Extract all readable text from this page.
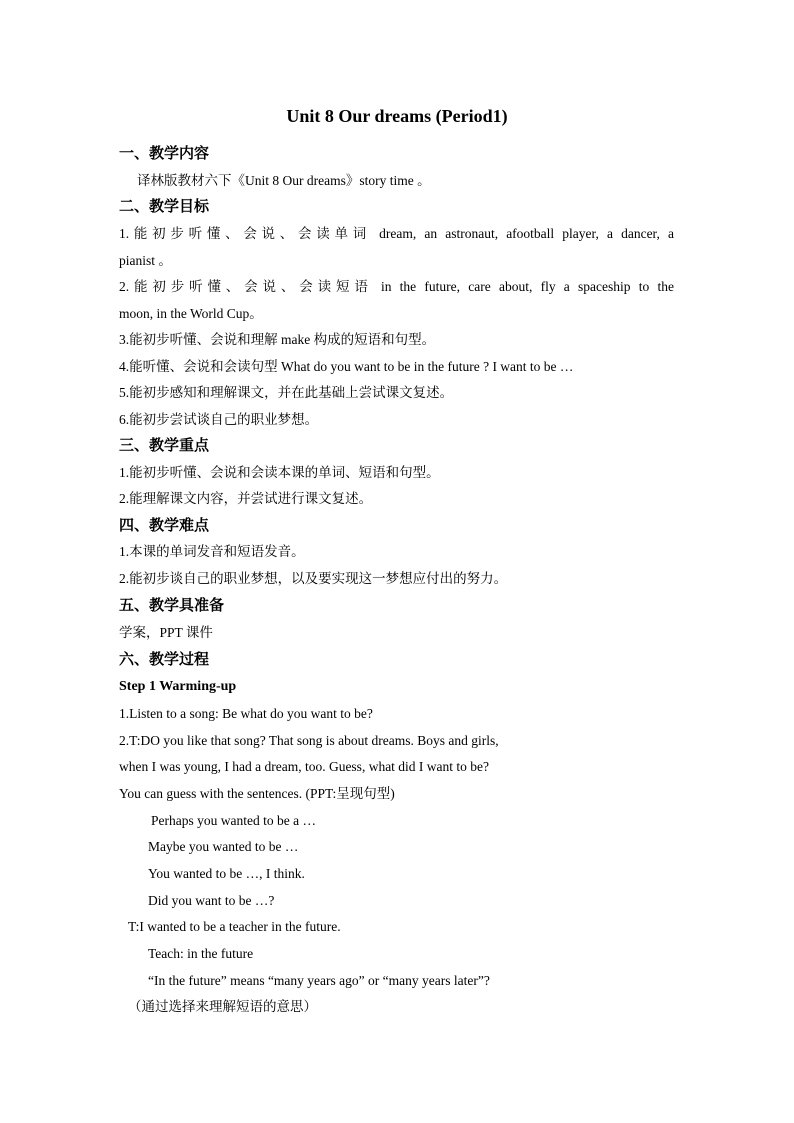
Unit 8 Our dreams (Period1)
一、教学内容
译林版教材六下《Unit 8 Our dreams》story time 。
二、教学目标
1.能初步听懂、会说、会读单词 dream, an astronaut, afootball player, a dancer, a
pianist 。
2.能初步听懂、会说、会读短语 in the future, care about, fly a spaceship to the
moon, in the World Cup。
3.能初步听懂、会说和理解 make 构成的短语和句型。
4.能听懂、会说和会读句型 What do you want to be in the future ? I want to be …
5.能初步感知和理解课文，并在此基础上尝试课文复述。
6.能初步尝试谈自己的职业梦想。
三、教学重点
1.能初步听懂、会说和会读本课的单词、短语和句型。
2.能理解课文内容，并尝试进行课文复述。
四、教学难点
1.本课的单词发音和短语发音。
2.能初步谈自己的职业梦想，以及要实现这一梦想应付出的努力。
五、教学具准备
学案，PPT 课件
六、教学过程
Step 1 Warming-up
1.Listen to a song: Be what do you want to be?
2.T:DO you like that song? That song is about dreams. Boys and girls,
when I was young, I had a dream, too. Guess, what did I want to be?
You can guess with the sentences. (PPT:呈现句型)
Perhaps you wanted to be a …
Maybe you wanted to be …
You wanted to be …, I think.
Did you want to be …?
T:I wanted to be a teacher in the future.
Teach: in the future
“In the future” means “many years ago” or “many years later”?
（通过选择来理解短语的意思）
